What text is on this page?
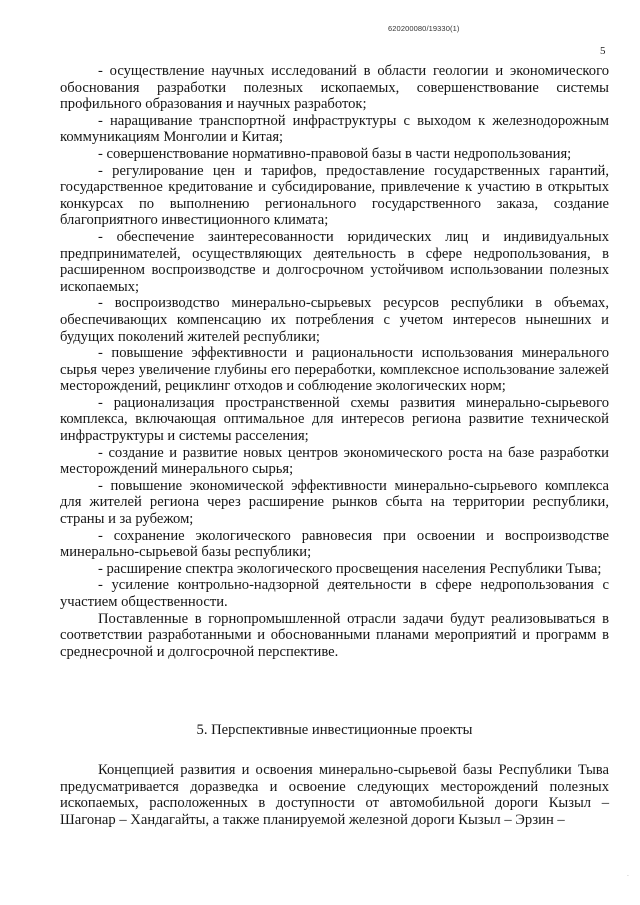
620200080/19330(1)
5

- осуществление научных исследований в области геологии и экономического обоснования разработки полезных ископаемых, совершенствование системы профильного образования и научных разработок;

- наращивание транспортной инфраструктуры с выходом к железнодорожным коммуникациям Монголии и Китая;

- совершенствование нормативно-правовой базы в части недропользования;

- регулирование цен и тарифов, предоставление государственных гарантий, государственное кредитование и субсидирование, привлечение к участию в открытых конкурсах по выполнению регионального государственного заказа, создание благоприятного инвестиционного климата;

- обеспечение заинтересованности юридических лиц и индивидуальных предпринимателей, осуществляющих деятельность в сфере недропользования, в расширенном воспроизводстве и долгосрочном устойчивом использовании полезных ископаемых;

- воспроизводство минерально-сырьевых ресурсов республики в объемах, обеспечивающих компенсацию их потребления с учетом интересов нынешних и будущих поколений жителей республики;

- повышение эффективности и рациональности использования минерального сырья через увеличение глубины его переработки, комплексное использование залежей месторождений, рециклинг отходов и соблюдение экологических норм;

- рационализация пространственной схемы развития минерально-сырьевого комплекса, включающая оптимальное для интересов региона развитие технической инфраструктуры и системы расселения;

- создание и развитие новых центров экономического роста на базе разработки месторождений минерального сырья;

- повышение экономической эффективности минерально-сырьевого комплекса для жителей региона через расширение рынков сбыта на территории республики, страны и за рубежом;

- сохранение экологического равновесия при освоении и воспроизводстве минерально-сырьевой базы республики;

- расширение спектра экологического просвещения населения Республики Тыва;

- усиление контрольно-надзорной деятельности в сфере недропользования с участием общественности.

Поставленные в горнопромышленной отрасли задачи будут реализовываться в соответствии разработанными и обоснованными планами мероприятий и программ в среднесрочной и долгосрочной перспективе.

5. Перспективные инвестиционные проекты

Концепцией развития и освоения минерально-сырьевой базы Республики Тыва предусматривается доразведка и освоение следующих месторождений полезных ископаемых, расположенных в доступности от автомобильной дороги Кызыл – Шагонар – Хандагайты, а также планируемой железной дороги Кызыл – Эрзин –

·
